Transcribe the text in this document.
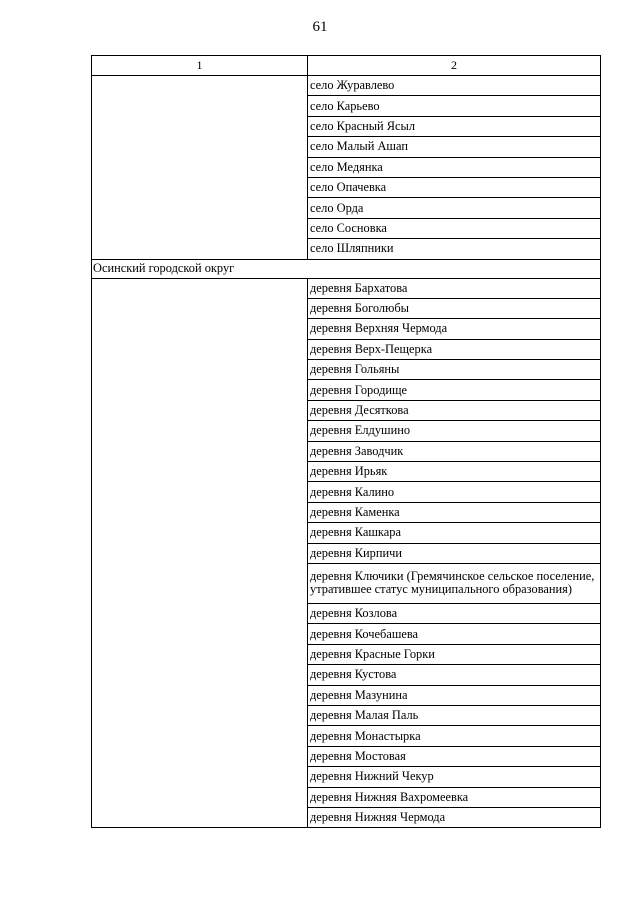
61
1	2
	село Журавлево
	село Карьево
	село Красный Ясыл
	село Малый Ашап
	село Медянка
	село Опачевка
	село Орда
	село Сосновка
	село Шляпники
Осинский городской округ	
	деревня Бархатова
	деревня Боголюбы
	деревня Верхняя Чермода
	деревня Верх-Пещерка
	деревня Гольяны
	деревня Городище
	деревня Десяткова
	деревня Елдушино
	деревня Заводчик
	деревня Ирьяк
	деревня Калино
	деревня Каменка
	деревня Кашкара
	деревня Кирпичи
	деревня Ключики (Гремячинское сельское поселение, утратившее статус муниципального образования)
	деревня Козлова
	деревня Кочебашева
	деревня Красные Горки
	деревня Кустова
	деревня Мазунина
	деревня Малая Паль
	деревня Монастырка
	деревня Мостовая
	деревня Нижний Чекур
	деревня Нижняя Вахромеевка
	деревня Нижняя Чермода
